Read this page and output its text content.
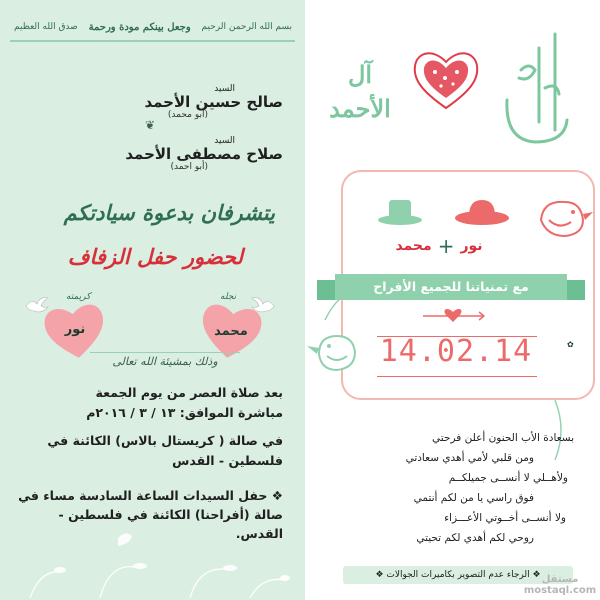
صدق الله العظيم وجعل بينكم مودة ورحمة بسم الله الرحمن الرحيم
السيد
صالح حسين الأحمد
(أبو محمد)
❦
السيد
صلاح مصطفى الأحمد
(أبو احمد)
يتشرفان بدعوة سيادتكم
لحضور حفل الزفاف
كريمته	نجله
نور	محمد
وذلك بمشيئة الله تعالى
بعد صلاة العصر من يوم الجمعة
مباشرة الموافق: ١٣ / ٣ / ٢٠١٦م
في صالة ( كريستال بالاس) الكائنة في
فلسطين - القدس
❖ حفل السيدات الساعة السادسة مساء في
صالة (أفراحنا) الكائنة في فلسطين - القدس.
آل
الأحمد
نور
+
محمد
مع تمنياتنا للجميع الأفراح
14.02.14	✿
بسعادة الأب الحنون أعلن فرحتي
ومن قلبي لأمي أهدي سعادتي
ولأهــلي لا أنســى جميلكــم
فوق راسي يا من لكم أنتمي
ولا أنســى أخــوتي الأعـــزاء
روحي لكم أهدي لكم تحيتي
❖ الرجاء عدم التصوير بكاميرات الجوالات ❖ مستقل mostaql.com
